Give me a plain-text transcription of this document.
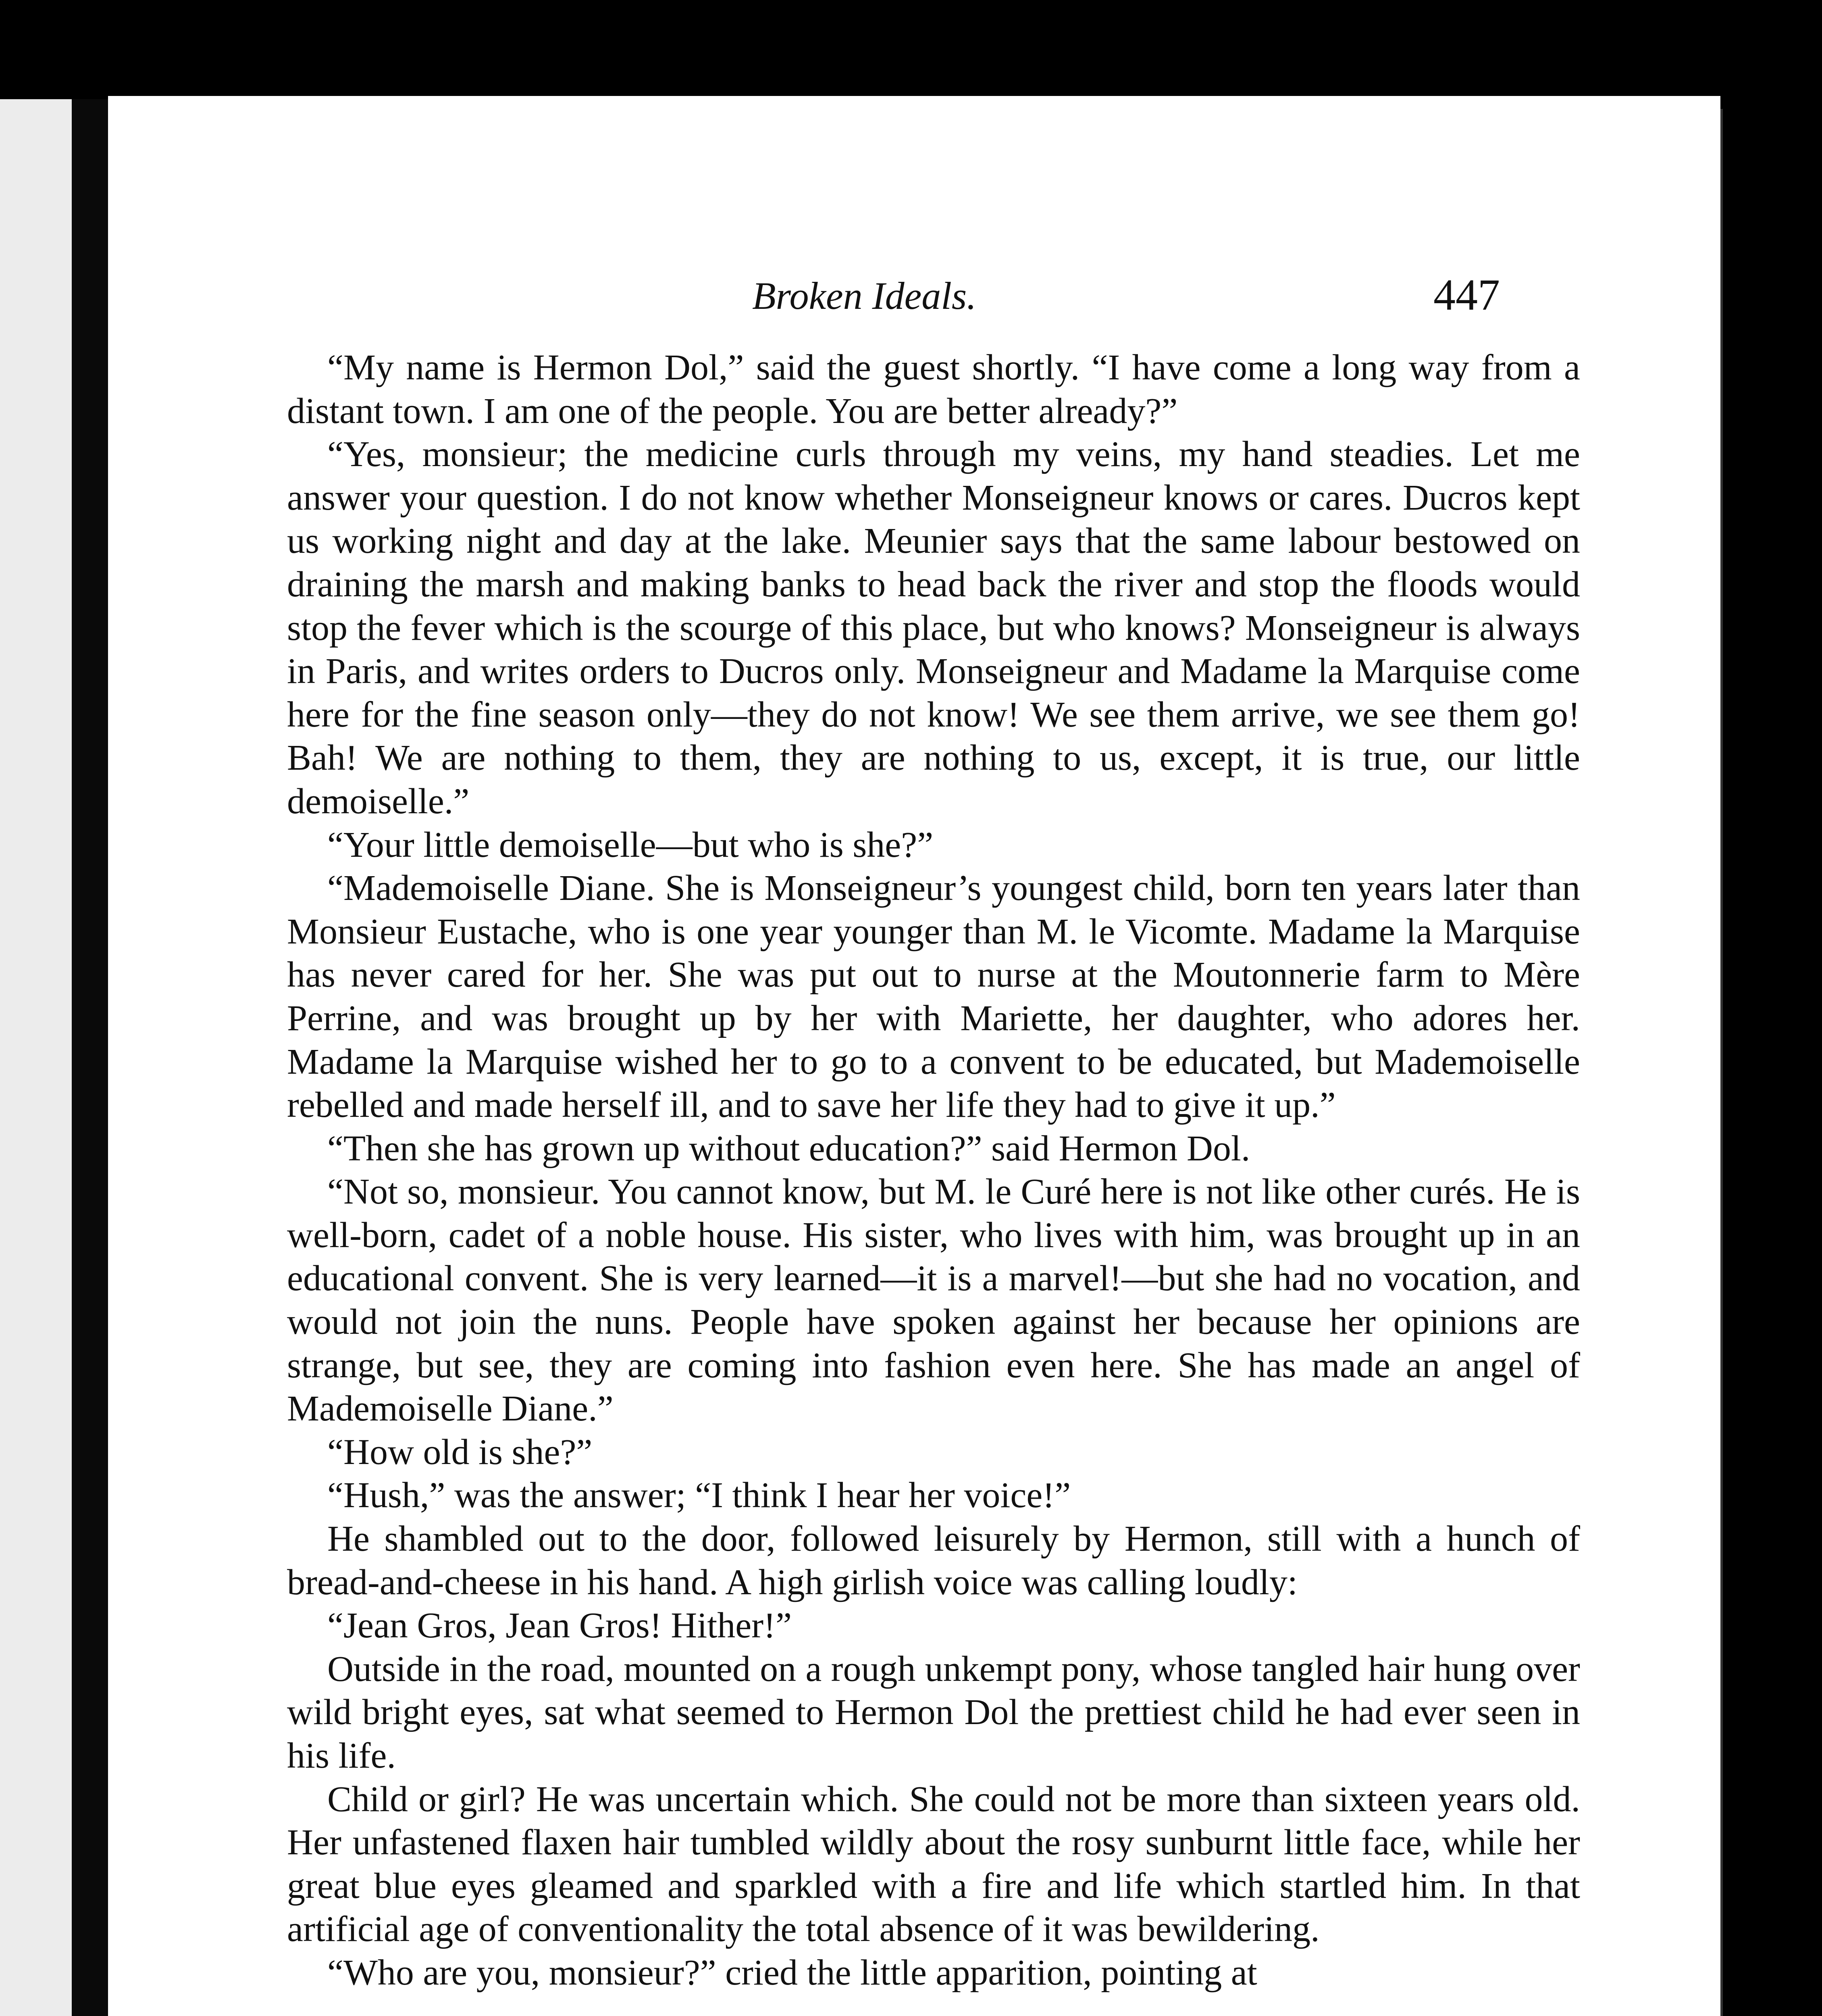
Broken Ideals.	447

“My name is Hermon Dol,” said the guest shortly. “I have come a long way from a distant town. I am one of the people. You are better already?”

“Yes, monsieur; the medicine curls through my veins, my hand steadies. Let me answer your question. I do not know whether Monseigneur knows or cares. Ducros kept us working night and day at the lake. Meunier says that the same labour bestowed on draining the marsh and making banks to head back the river and stop the floods would stop the fever which is the scourge of this place, but who knows? Monseigneur is always in Paris, and writes orders to Ducros only. Monseigneur and Madame la Marquise come here for the fine season only—they do not know! We see them arrive, we see them go! Bah! We are nothing to them, they are nothing to us, except, it is true, our little demoiselle.”

“Your little demoiselle—but who is she?”

“Mademoiselle Diane. She is Monseigneur’s youngest child, born ten years later than Monsieur Eustache, who is one year younger than M. le Vicomte. Madame la Marquise has never cared for her. She was put out to nurse at the Moutonnerie farm to Mère Perrine, and was brought up by her with Mariette, her daughter, who adores her. Madame la Marquise wished her to go to a convent to be educated, but Mademoiselle rebelled and made herself ill, and to save her life they had to give it up.”

“Then she has grown up without education?” said Hermon Dol.

“Not so, monsieur. You cannot know, but M. le Curé here is not like other curés. He is well-born, cadet of a noble house. His sister, who lives with him, was brought up in an educational convent. She is very learned—it is a marvel!—but she had no vocation, and would not join the nuns. People have spoken against her because her opinions are strange, but see, they are coming into fashion even here. She has made an angel of Mademoiselle Diane.”

“How old is she?”

“Hush,” was the answer; “I think I hear her voice!”

He shambled out to the door, followed leisurely by Hermon, still with a hunch of bread-and-cheese in his hand. A high girlish voice was calling loudly:

“Jean Gros, Jean Gros! Hither!”

Outside in the road, mounted on a rough unkempt pony, whose tangled hair hung over wild bright eyes, sat what seemed to Hermon Dol the prettiest child he had ever seen in his life.

Child or girl? He was uncertain which. She could not be more than sixteen years old. Her unfastened flaxen hair tumbled wildly about the rosy sunburnt little face, while her great blue eyes gleamed and sparkled with a fire and life which startled him. In that artificial age of conventionality the total absence of it was bewildering.

“Who are you, monsieur?” cried the little apparition, pointing at
